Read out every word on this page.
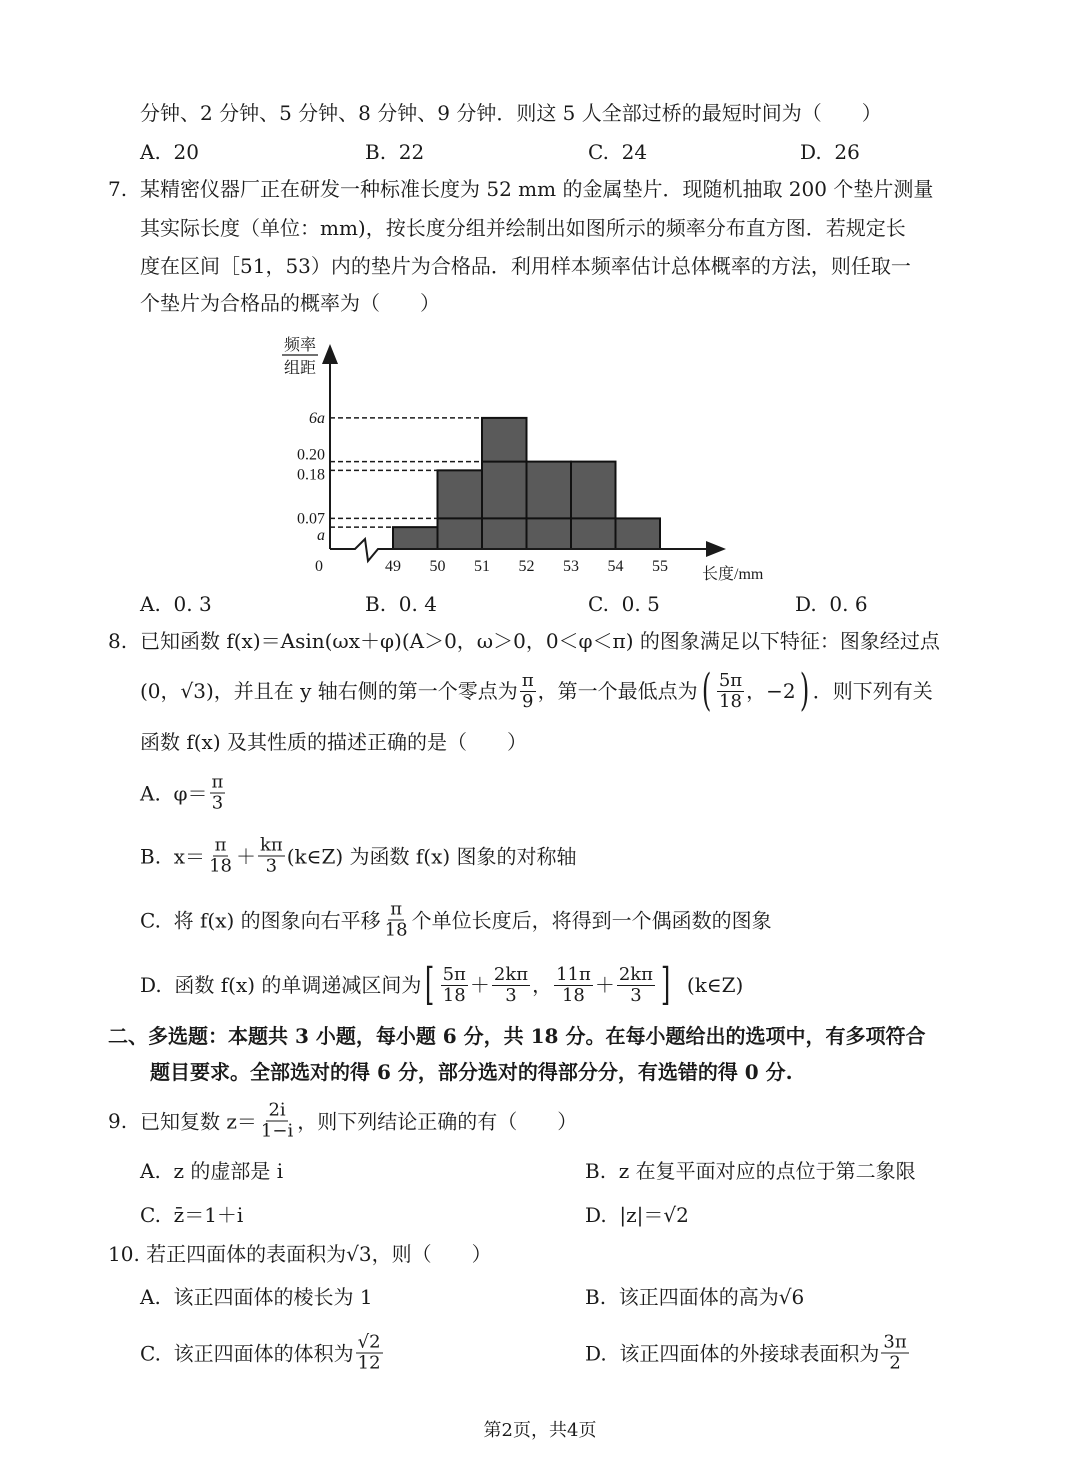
分钟、2 分钟、5 分钟、8 分钟、9 分钟．则这 5 人全部过桥的最短时间为（　　）
A.  20	B.  22	C.  24	D.  26
7. 某精密仪器厂正在研发一种标准长度为 52 mm 的金属垫片．现随机抽取 200 个垫片测量
其实际长度（单位：mm)，按长度分组并绘制出如图所示的频率分布直方图．若规定长
度在区间［51，53）内的垫片为合格品．利用样本频率估计总体概率的方法，则任取一
个垫片为合格品的概率为（　　）
A.  0. 3	B.  0. 4	C.  0. 5	D.  0. 6
8. 已知函数 f(x)＝Asin(ωx＋φ)(A＞0，ω＞0，0＜φ＜π) 的图象满足以下特征：图象经过点
(0，√3)，并且在 y 轴右侧的第一个零点为 $\frac{\pi}{9}$ ，第一个最低点为 ( $\frac{5\pi}{18}$ ，−2 ) ．则下列有关
函数 f(x) 及其性质的描述正确的是（　　）
A.  $\varphi= \frac{\pi}{3}$
B.  $x= \frac{\pi}{18} + \frac{k\pi}{3}$ (k∈Z) 为函数 f(x) 图象的对称轴
C.  将 f(x) 的图象向右平移 $\frac{\pi}{18}$ 个单位长度后，将得到一个偶函数的图象
D.  函数 f(x) 的单调递减区间为 [ $\frac{5\pi}{18} + \frac{2k\pi}{3}$ ， $\frac{11\pi}{18} + \frac{2k\pi}{3}$ ] (k∈Z)
二、多选题：本题共 3 小题，每小题 6 分，共 18 分。在每小题给出的选项中，有多项符合
题目要求。全部选对的得 6 分，部分选对的得部分分，有选错的得 0 分.
9. 已知复数 $z= \frac{2i}{1-i}$ ，则下列结论正确的有（　　）
A.  z 的虚部是 i	B.  z 在复平面对应的点位于第二象限
C.  z̄＝1＋i	D.  |z|＝√2
10. 若正四面体的表面积为√3，则（　　）
A.  该正四面体的棱长为 1	B.  该正四面体的高为√6
C.  该正四面体的体积为 $\frac{√2}{12}$	D.  该正四面体的外接球表面积为 $\frac{3\pi}{2}$
频率
组距
0	长度/mm
6a
0.20
0.18
0.07
a
49 50 51 52 53 54 55
第2页，共4页
